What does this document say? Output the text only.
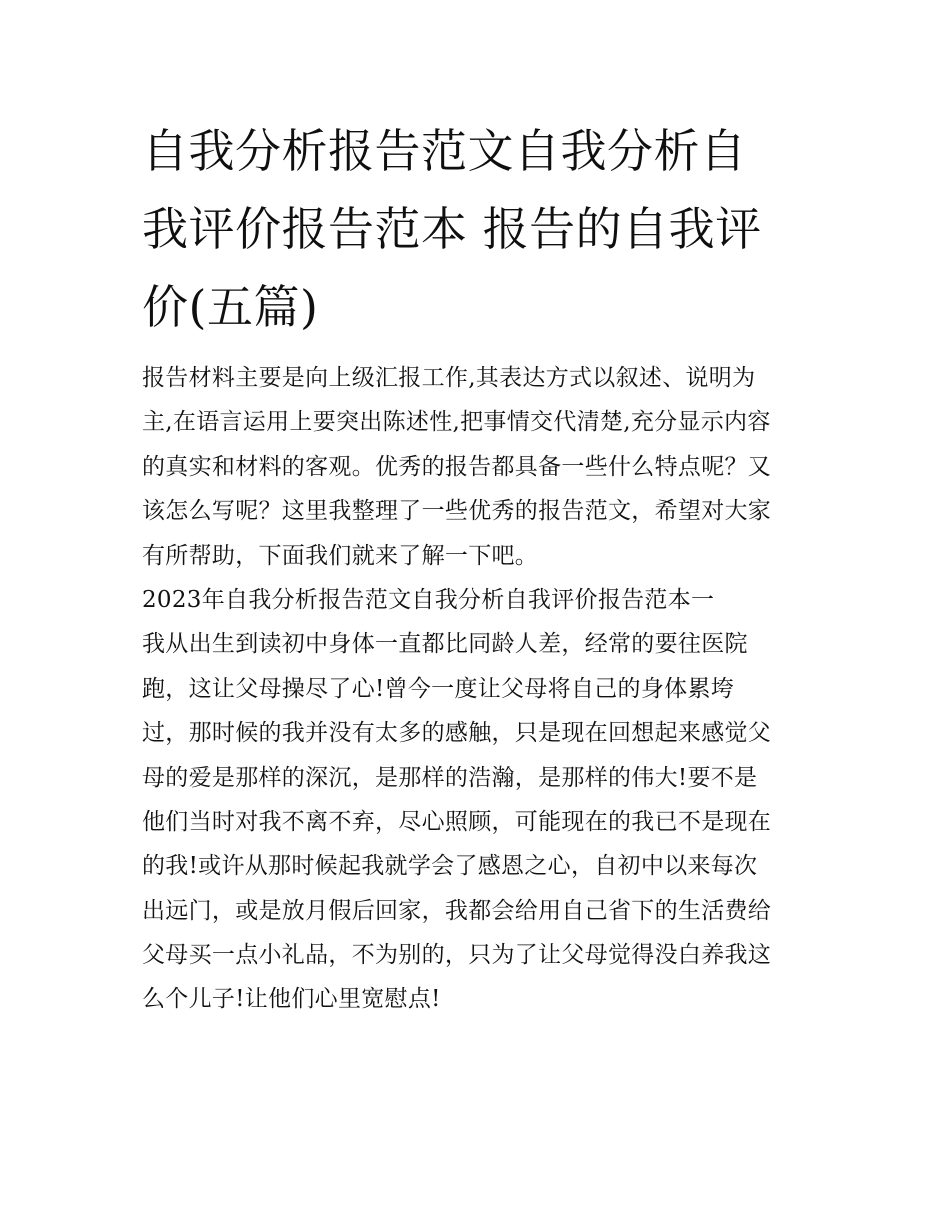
自我分析报告范文自我分析自
我评价报告范本 报告的自我评
价(五篇)
报告材料主要是向上级汇报工作,其表达方式以叙述、说明为
主,在语言运用上要突出陈述性,把事情交代清楚,充分显示内容
的真实和材料的客观。优秀的报告都具备一些什么特点呢？又
该怎么写呢？这里我整理了一些优秀的报告范文，希望对大家
有所帮助，下面我们就来了解一下吧。
2023年自我分析报告范文自我分析自我评价报告范本一
我从出生到读初中身体一直都比同龄人差，经常的要往医院
跑，这让父母操尽了心!曾今一度让父母将自己的身体累垮
过，那时候的我并没有太多的感触，只是现在回想起来感觉父
母的爱是那样的深沉，是那样的浩瀚，是那样的伟大!要不是
他们当时对我不离不弃，尽心照顾，可能现在的我已不是现在
的我!或许从那时候起我就学会了感恩之心，自初中以来每次
出远门，或是放月假后回家，我都会给用自己省下的生活费给
父母买一点小礼品，不为别的，只为了让父母觉得没白养我这
么个儿子!让他们心里宽慰点!
